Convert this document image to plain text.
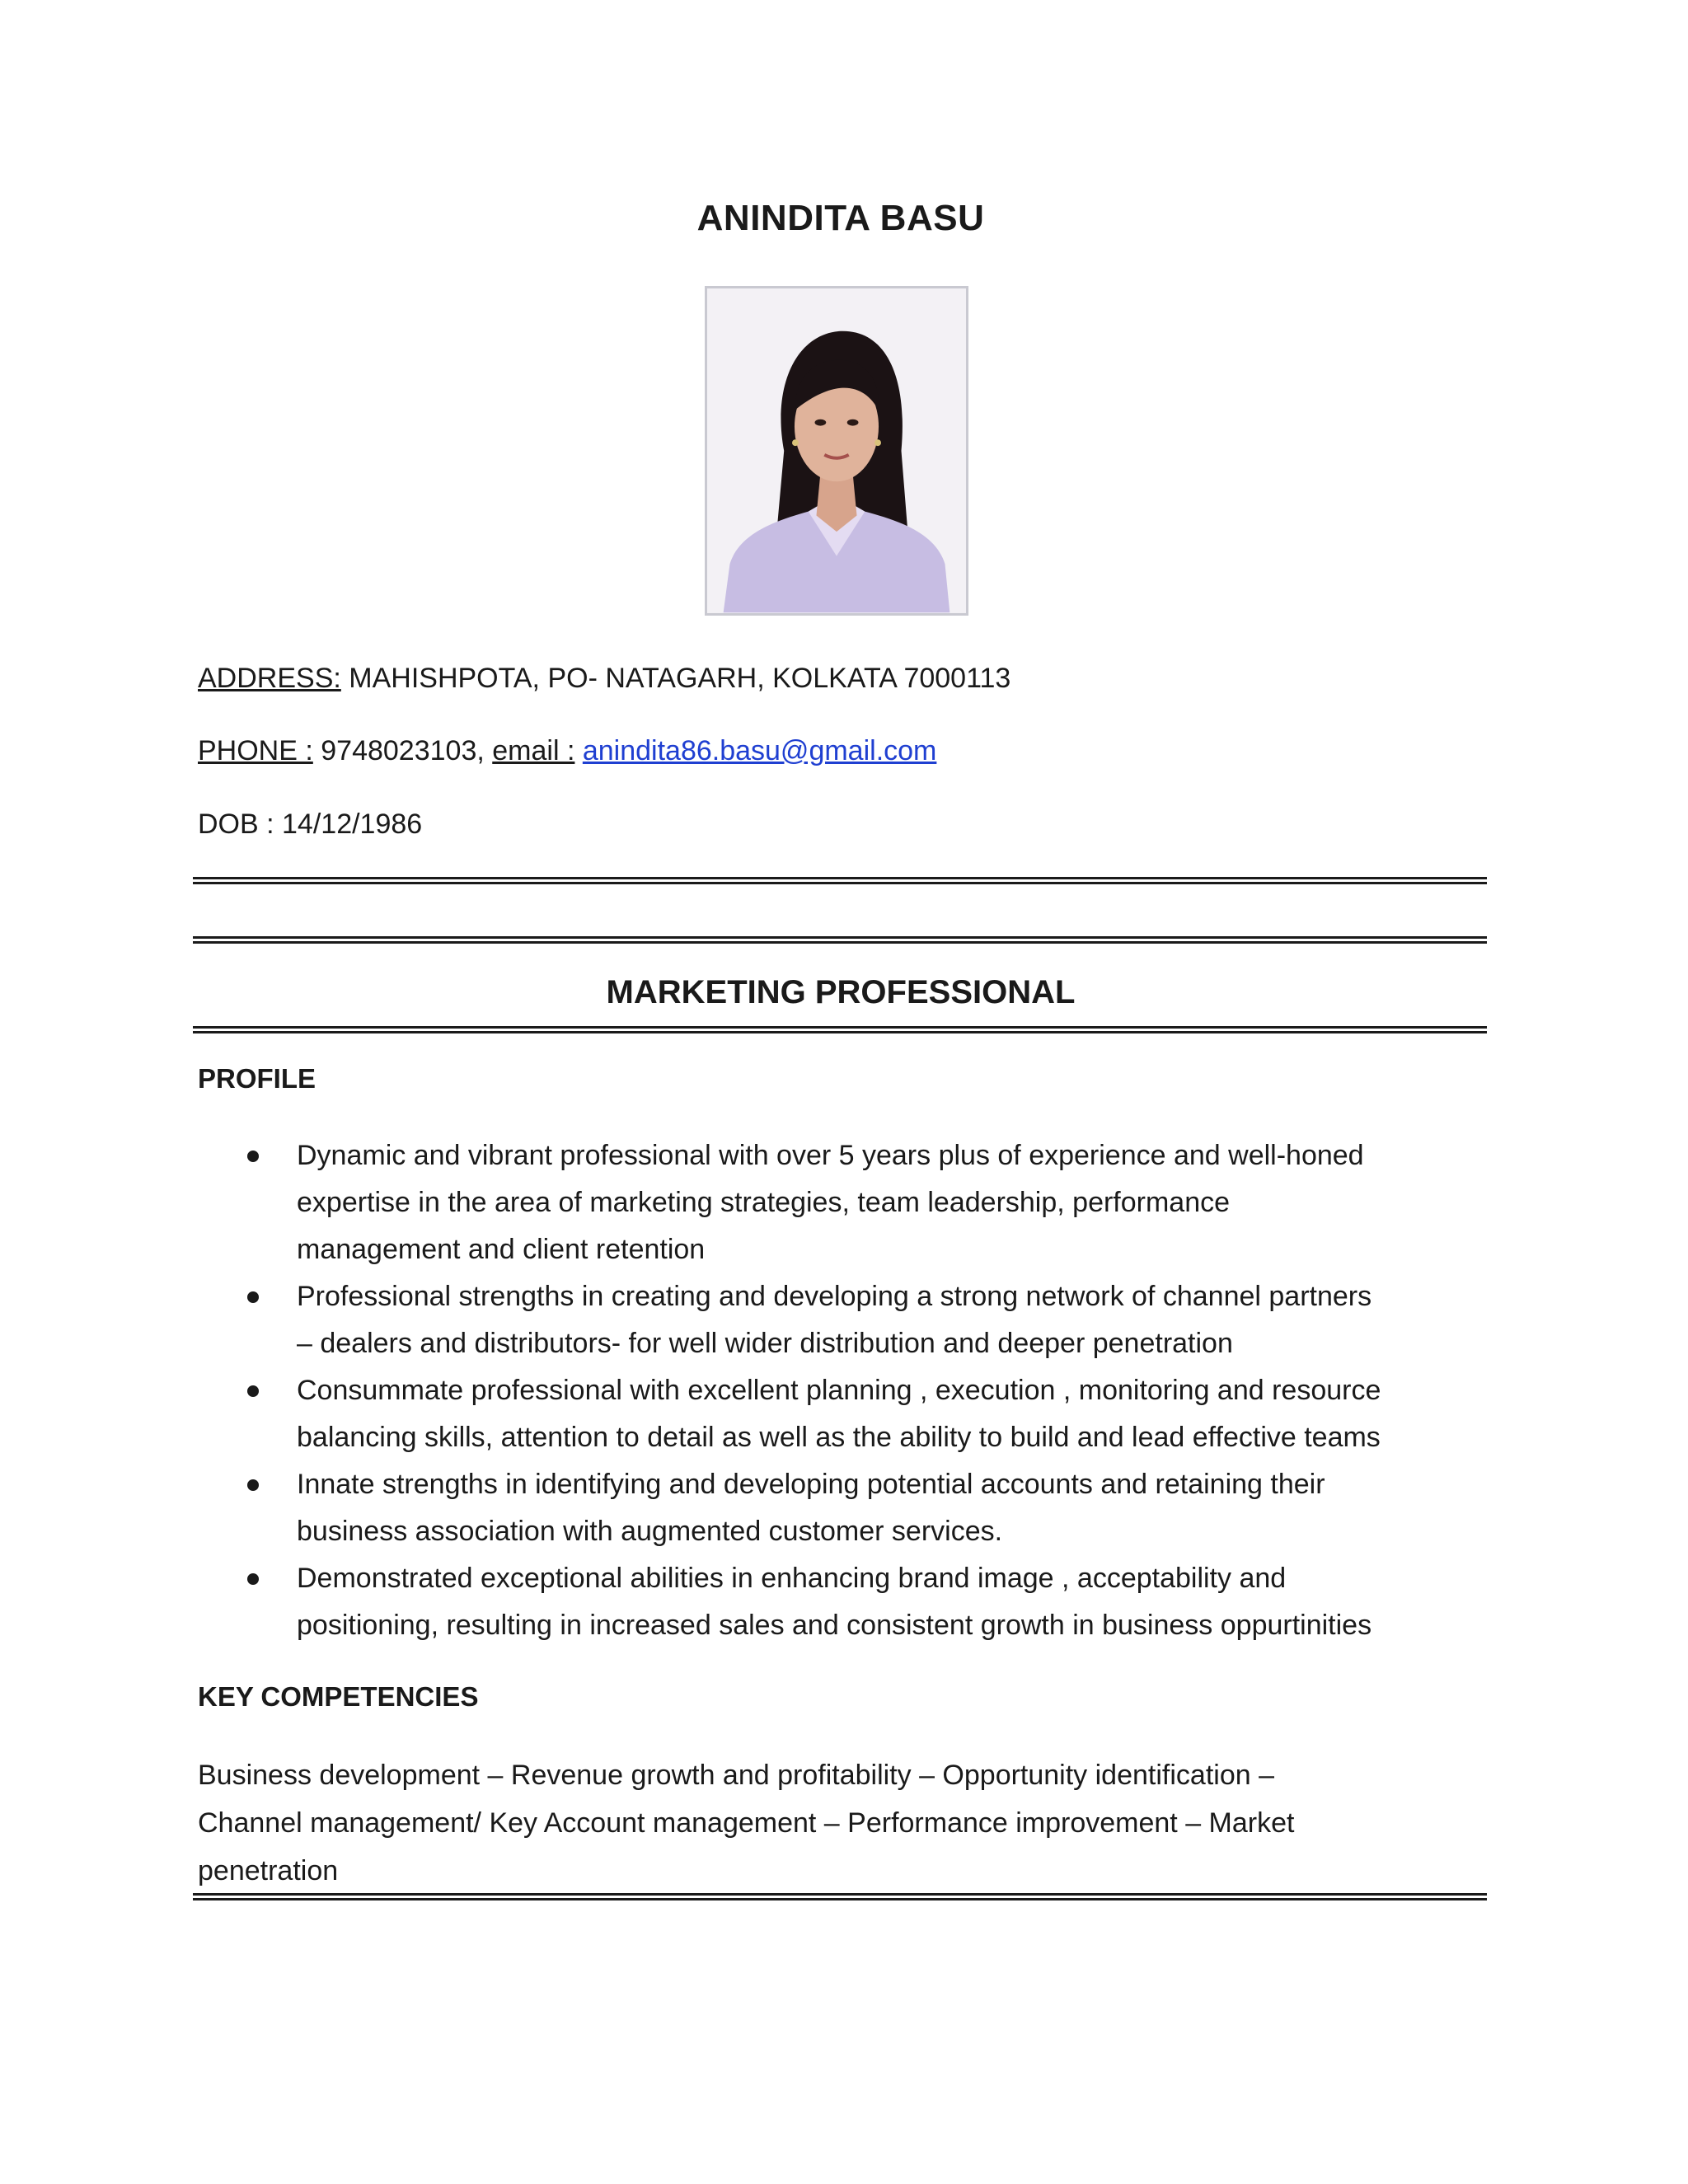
ANINDITA BASU
ADDRESS: MAHISHPOTA, PO- NATAGARH, KOLKATA 7000113
PHONE : 9748023103, email : anindita86.basu@gmail.com
DOB : 14/12/1986
MARKETING PROFESSIONAL
PROFILE
Dynamic and vibrant professional with over 5 years plus of experience and well-honed
expertise in the area of marketing strategies, team leadership, performance
management and client retention
Professional strengths in creating and developing a strong network of channel partners
– dealers and distributors- for well wider distribution and deeper penetration
Consummate professional with excellent planning , execution , monitoring and resource
balancing skills, attention to detail as well as the ability to build and lead effective teams
Innate strengths in identifying and developing potential accounts and retaining their
business association with augmented customer services.
Demonstrated exceptional abilities in enhancing brand image , acceptability and
positioning, resulting in increased sales and consistent growth in business oppurtinities
KEY COMPETENCIES
Business development – Revenue growth and profitability – Opportunity identification –
Channel management/ Key Account management – Performance improvement – Market
penetration
